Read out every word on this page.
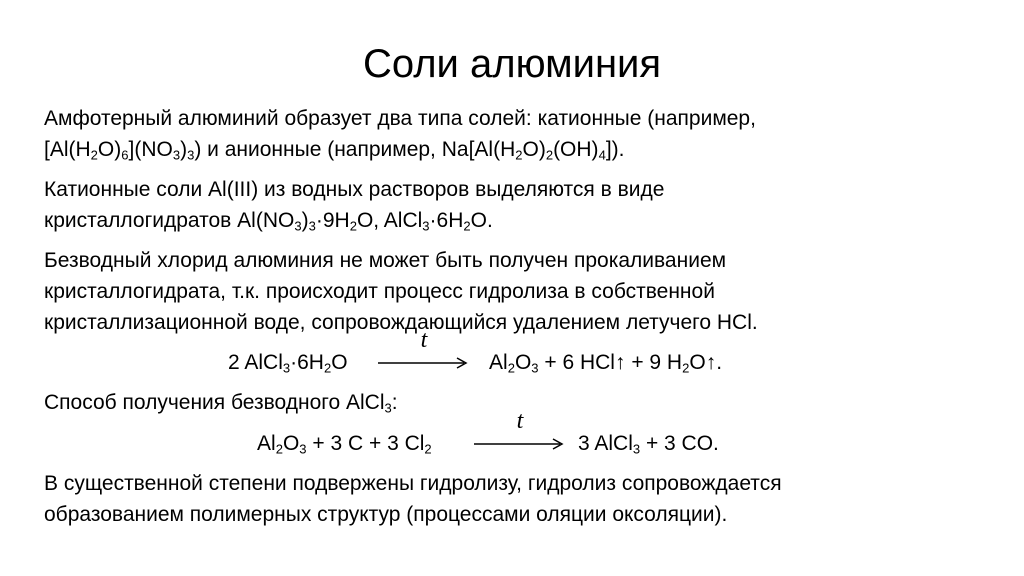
Соли алюминия
Амфотерный алюминий образует два типа солей: катионные (например,
$[Al(H_2O)_6](NO_3)_3$) и анионные (например, $Na[Al(H_2O)_2(OH)_4]$).
Катионные соли Al(III) из водных растворов выделяются в виде
кристаллогидратов $Al(NO_3)_3\cdot 9H_2O$, $AlCl_3\cdot 6H_2O$.
Безводный хлорид алюминия не может быть получен прокаливанием
кристаллогидрата, т.к. происходит процесс гидролиза в собственной
кристаллизационной воде, сопровождающийся удалением летучего HCl.
2 $AlCl_3\cdot 6H_2O$
t
$Al_2O_3 + 6$ HCl↑ + 9 $H_2O↑$.
Способ получения безводного AlCl$_3$:
$Al_2O_3 + 3$ C + 3 $Cl_2$
t
3 AlCl$_3$ + 3 CO.
В существенной степени подвержены гидролизу, гидролиз сопровождается
образованием полимерных структур (процессами оляции оксоляции).
